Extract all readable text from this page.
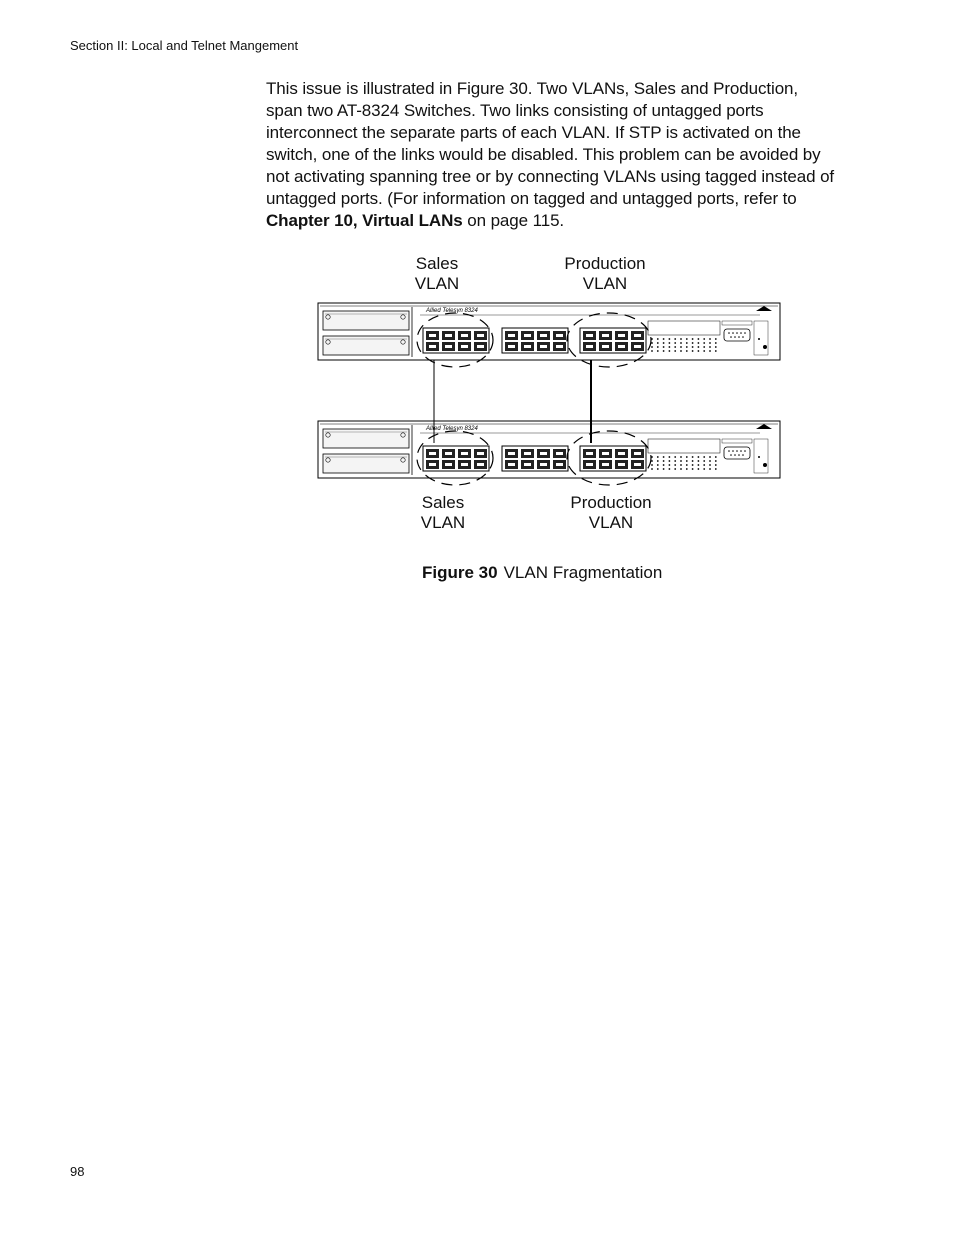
Section II: Local and Telnet Mangement

This issue is illustrated in Figure 30. Two VLANs, Sales and Production, span two AT-8324 Switches. Two links consisting of untagged ports interconnect the separate parts of each VLAN. If STP is activated on the switch, one of the links would be disabled. This problem can be avoided by not activating spanning tree or by connecting VLANs using tagged instead of untagged ports. (For information on tagged and untagged ports, refer to Chapter 10, Virtual LANs on page 115.

Sales
VLAN
Production
VLAN
Sales
VLAN
Production
VLAN
Allied Telesyn 8324
Allied Telesyn 8324
Figure 30 VLAN Fragmentation
98
